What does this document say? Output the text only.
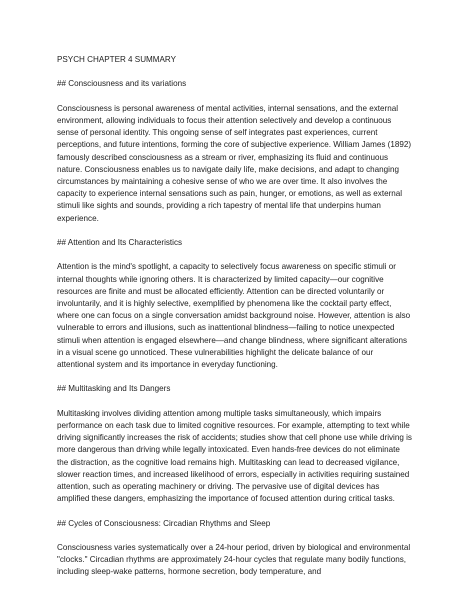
PSYCH CHAPTER 4 SUMMARY
## Consciousness and its variations

Consciousness is personal awareness of mental activities, internal sensations, and the external environment, allowing individuals to focus their attention selectively and develop a continuous sense of personal identity. This ongoing sense of self integrates past experiences, current perceptions, and future intentions, forming the core of subjective experience. William James (1892) famously described consciousness as a stream or river, emphasizing its fluid and continuous nature. Consciousness enables us to navigate daily life, make decisions, and adapt to changing circumstances by maintaining a cohesive sense of who we are over time. It also involves the capacity to experience internal sensations such as pain, hunger, or emotions, as well as external stimuli like sights and sounds, providing a rich tapestry of mental life that underpins human experience.

## Attention and Its Characteristics

Attention is the mind's spotlight, a capacity to selectively focus awareness on specific stimuli or internal thoughts while ignoring others. It is characterized by limited capacity—our cognitive resources are finite and must be allocated efficiently. Attention can be directed voluntarily or involuntarily, and it is highly selective, exemplified by phenomena like the cocktail party effect, where one can focus on a single conversation amidst background noise. However, attention is also vulnerable to errors and illusions, such as inattentional blindness—failing to notice unexpected stimuli when attention is engaged elsewhere—and change blindness, where significant alterations in a visual scene go unnoticed. These vulnerabilities highlight the delicate balance of our attentional system and its importance in everyday functioning.

## Multitasking and Its Dangers

Multitasking involves dividing attention among multiple tasks simultaneously, which impairs performance on each task due to limited cognitive resources. For example, attempting to text while driving significantly increases the risk of accidents; studies show that cell phone use while driving is more dangerous than driving while legally intoxicated. Even hands-free devices do not eliminate the distraction, as the cognitive load remains high. Multitasking can lead to decreased vigilance, slower reaction times, and increased likelihood of errors, especially in activities requiring sustained attention, such as operating machinery or driving. The pervasive use of digital devices has amplified these dangers, emphasizing the importance of focused attention during critical tasks.

## Cycles of Consciousness: Circadian Rhythms and Sleep

Consciousness varies systematically over a 24-hour period, driven by biological and environmental "clocks." Circadian rhythms are approximately 24-hour cycles that regulate many bodily functions, including sleep-wake patterns, hormone secretion, body temperature, and
